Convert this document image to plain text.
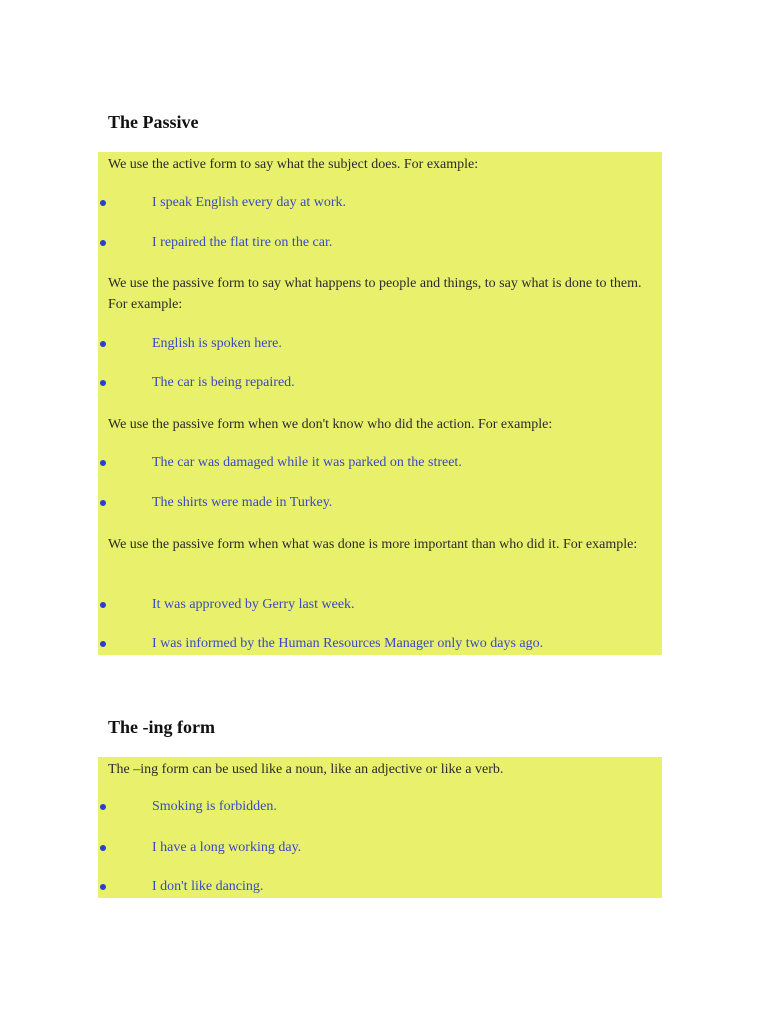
The Passive

We use the active form to say what the subject does. For example:

I speak English every day at work.
I repaired the flat tire on the car.

We use the passive form to say what happens to people and things, to say what is done to them. For example:

English is spoken here.
The car is being repaired.

We use the passive form when we don't know who did the action. For example:

The car was damaged while it was parked on the street.
The shirts were made in Turkey.

We use the passive form when what was done is more important than who did it. For example:

It was approved by Gerry last week.
I was informed by the Human Resources Manager only two days ago.
The -ing form

The –ing form can be used like a noun, like an adjective or like a verb.

Smoking is forbidden.
I have a long working day.
I don't like dancing.
